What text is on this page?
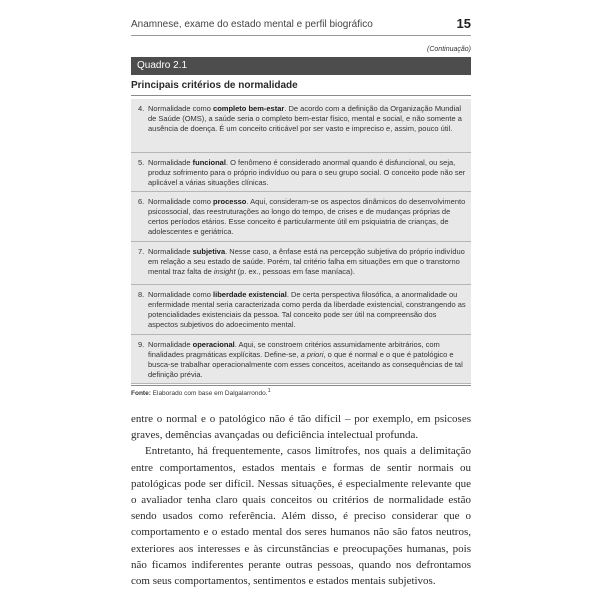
Anamnese, exame do estado mental e perfil biográfico	15
(Continuação)
Quadro 2.1
Principais critérios de normalidade
4. Normalidade como completo bem-estar. De acordo com a definição da Organização Mundial de Saúde (OMS), a saúde seria o completo bem-estar físico, mental e social, e não somente a ausência de doença. É um conceito criticável por ser vasto e impreciso e, assim, pouco útil.
5. Normalidade funcional. O fenômeno é considerado anormal quando é disfuncional, ou seja, produz sofrimento para o próprio indivíduo ou para o seu grupo social. O conceito pode não ser aplicável a várias situações clínicas.
6. Normalidade como processo. Aqui, consideram-se os aspectos dinâmicos do desenvolvimento psicossocial, das reestruturações ao longo do tempo, de crises e de mudanças próprias de certos períodos etários. Esse conceito é particularmente útil em psiquiatria de crianças, de adolescentes e geriátrica.
7. Normalidade subjetiva. Nesse caso, a ênfase está na percepção subjetiva do próprio indivíduo em relação a seu estado de saúde. Porém, tal critério falha em situações em que o transtorno mental traz falta de insight (p. ex., pessoas em fase maníaca).
8. Normalidade como liberdade existencial. De certa perspectiva filosófica, a anormalidade ou enfermidade mental seria caracterizada como perda da liberdade existencial, constrangendo as potencialidades existenciais da pessoa. Tal conceito pode ser útil na compreensão dos aspectos subjetivos do adoecimento mental.
9. Normalidade operacional. Aqui, se constroem critérios assumidamente arbitrários, com finalidades pragmáticas explícitas. Define-se, a priori, o que é normal e o que é patológico e busca-se trabalhar operacionalmente com esses conceitos, aceitando as consequências de tal definição prévia.
Fonte: Elaborado com base em Dalgalarrondo.$^1$

entre o normal e o patológico não é tão difícil – por exemplo, em psicoses graves, demências avançadas ou deficiência intelectual profunda.

Entretanto, há frequentemente, casos limítrofes, nos quais a delimitação entre comportamentos, estados mentais e formas de sentir normais ou patológicas pode ser difícil. Nessas situações, é especialmente relevante que o avaliador tenha claro quais conceitos ou critérios de normalidade estão sendo usados como referência. Além disso, é preciso considerar que o comportamento e o estado mental dos seres humanos não são fatos neutros, exteriores aos interesses e às circunstâncias e preocupações humanas, pois não ficamos indiferentes perante outras pessoas, quando nos defrontamos com seus comportamentos, sentimentos e estados mentais subjetivos.
